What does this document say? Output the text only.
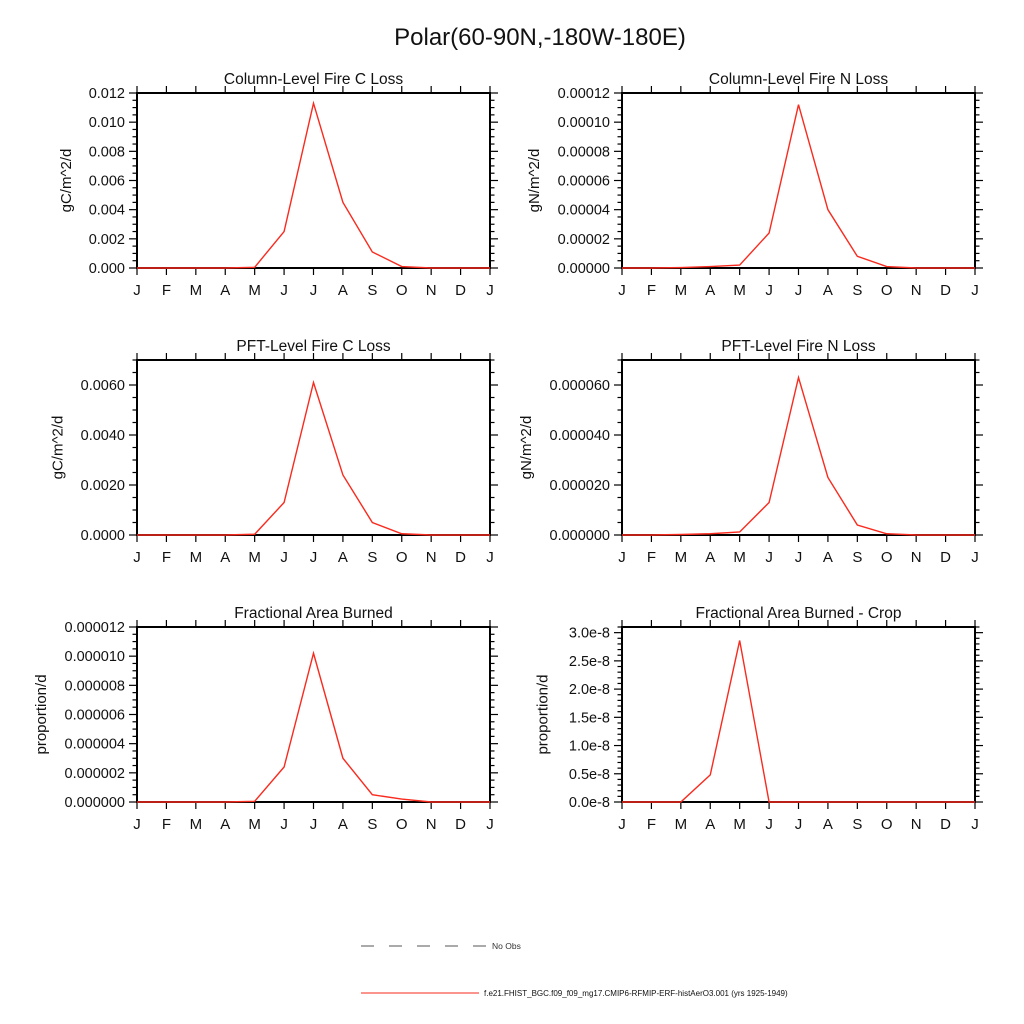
Polar(60-90N,-180W-180E)
Column-Level Fire C Loss
J F M A M J J A S O N D J
0.000
0.002
0.004
0.006
0.008
0.010
0.012
gC/m^2/d
Column-Level Fire N Loss
J F M A M J J A S O N D J
0.00000
0.00002
0.00004
0.00006
0.00008
0.00010
0.00012
gN/m^2/d
PFT-Level Fire C Loss
J F M A M J J A S O N D J
0.0000
0.0020
0.0040
0.0060
gC/m^2/d
PFT-Level Fire N Loss
J F M A M J J A S O N D J
0.000000
0.000020
0.000040
0.000060
gN/m^2/d
Fractional Area Burned
J F M A M J J A S O N D J
0.000000
0.000002
0.000004
0.000006
0.000008
0.000010
0.000012
proportion/d
Fractional Area Burned - Crop
J F M A M J J A S O N D J
0.0e-8
0.5e-8
1.0e-8
1.5e-8
2.0e-8
2.5e-8
3.0e-8
proportion/d
No Obs
f.e21.FHIST_BGC.f09_f09_mg17.CMIP6-RFMIP-ERF-histAerO3.001 (yrs 1925-1949)
